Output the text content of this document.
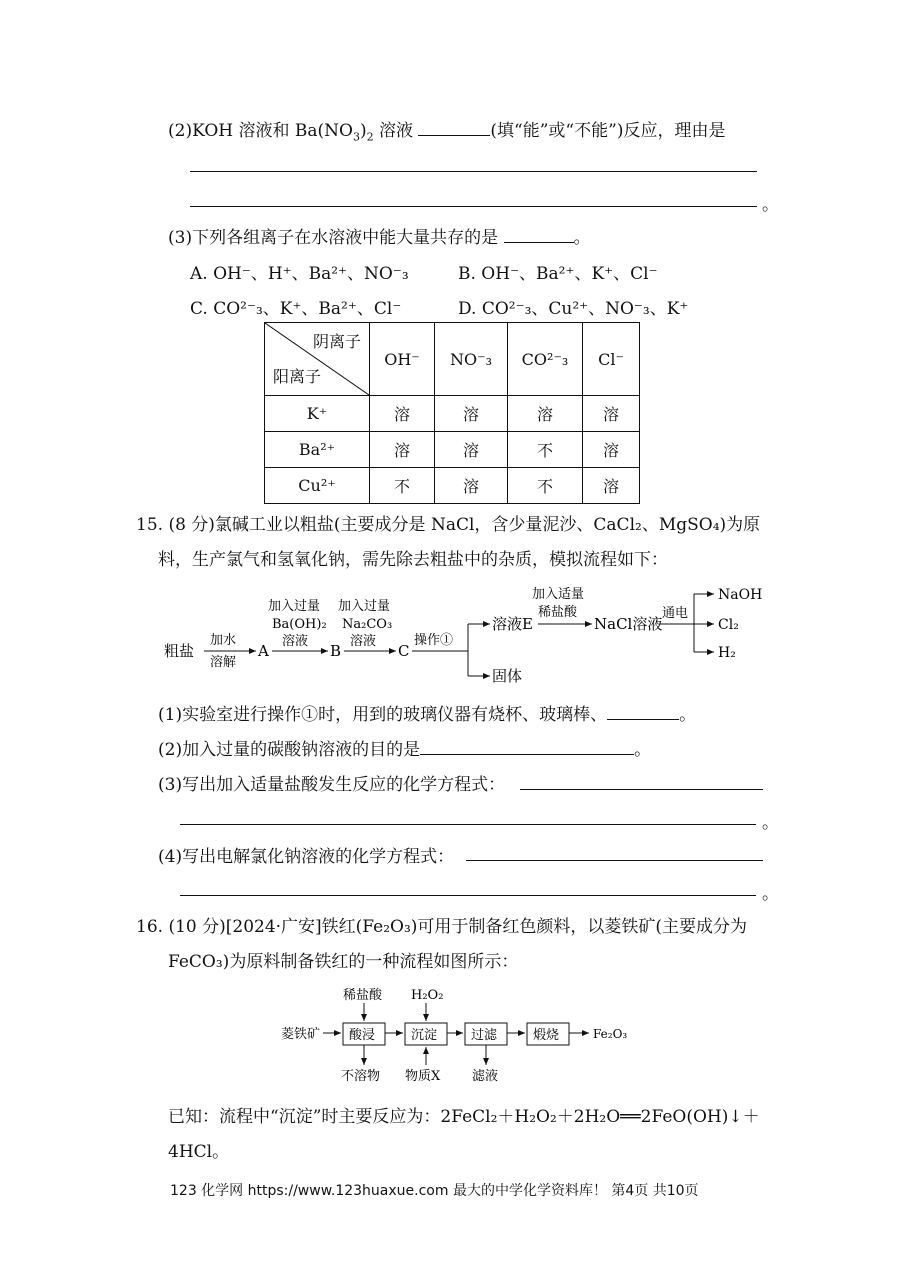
(2)KOH 溶液和 $Ba(NO_3)_2$ 溶液	(填“能”或“不能”)反应，理由是
。
(3)下列各组离子在水溶液中能大量共存的是	。
A. OH⁻、H⁺、Ba²⁺、NO⁻₃	B. OH⁻、Ba²⁺、K⁺、Cl⁻
C. CO²⁻₃、K⁺、Ba²⁺、Cl⁻	D. CO²⁻₃、Cu²⁺、NO⁻₃、K⁺
阴离子
阳离子	OH⁻	NO⁻₃	CO²⁻₃	Cl⁻
K⁺	溶	溶	溶	溶
Ba²⁺	溶	溶	不	溶
Cu²⁺	不	溶	不	溶
15. (8 分)氯碱工业以粗盐(主要成分是 NaCl，含少量泥沙、CaCl₂、MgSO₄)为原
料，生产氯气和氢氧化钠，需先除去粗盐中的杂质，模拟流程如下：
粗盐
加水
溶解
A
加入过量
Ba(OH)₂
溶液
B
加入过量
Na₂CO₃
溶液
C
操作①
溶液E
固体
加入适量
稀盐酸
NaCl溶液
通电
NaOH
Cl₂
H₂
(1)实验室进行操作①时，用到的玻璃仪器有烧杯、玻璃棒、	。
(2)加入过量的碳酸钠溶液的目的是	。
(3)写出加入适量盐酸发生反应的化学方程式：
。
(4)写出电解氯化钠溶液的化学方程式：
。
16. (10 分)[2024·广安]铁红(Fe₂O₃)可用于制备红色颜料，以菱铁矿(主要成分为
FeCO₃)为原料制备铁红的一种流程如图所示：
菱铁矿 酸浸	沉淀	过滤	煅烧	Fe₂O₃
稀盐酸 H₂O₂
不溶物 物质X 滤液
已知：流程中“沉淀”时主要反应为：2FeCl₂＋H₂O₂＋2H₂O══2FeO(OH)↓＋
4HCl。
123 化学网 https://www.123huaxue.com 最大的中学化学资料库！ 第4页 共10页
